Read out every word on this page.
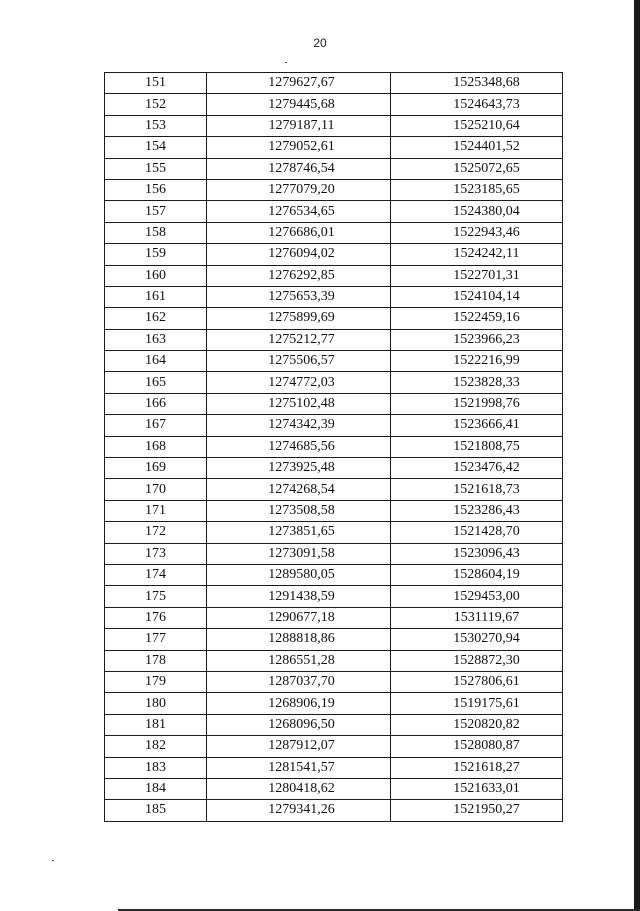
20
151	1279627,67	1525348,68
152	1279445,68	1524643,73
153	1279187,11	1525210,64
154	1279052,61	1524401,52
155	1278746,54	1525072,65
156	1277079,20	1523185,65
157	1276534,65	1524380,04
158	1276686,01	1522943,46
159	1276094,02	1524242,11
160	1276292,85	1522701,31
161	1275653,39	1524104,14
162	1275899,69	1522459,16
163	1275212,77	1523966,23
164	1275506,57	1522216,99
165	1274772,03	1523828,33
166	1275102,48	1521998,76
167	1274342,39	1523666,41
168	1274685,56	1521808,75
169	1273925,48	1523476,42
170	1274268,54	1521618,73
171	1273508,58	1523286,43
172	1273851,65	1521428,70
173	1273091,58	1523096,43
174	1289580,05	1528604,19
175	1291438,59	1529453,00
176	1290677,18	1531119,67
177	1288818,86	1530270,94
178	1286551,28	1528872,30
179	1287037,70	1527806,61
180	1268906,19	1519175,61
181	1268096,50	1520820,82
182	1287912,07	1528080,87
183	1281541,57	1521618,27
184	1280418,62	1521633,01
185	1279341,26	1521950,27
